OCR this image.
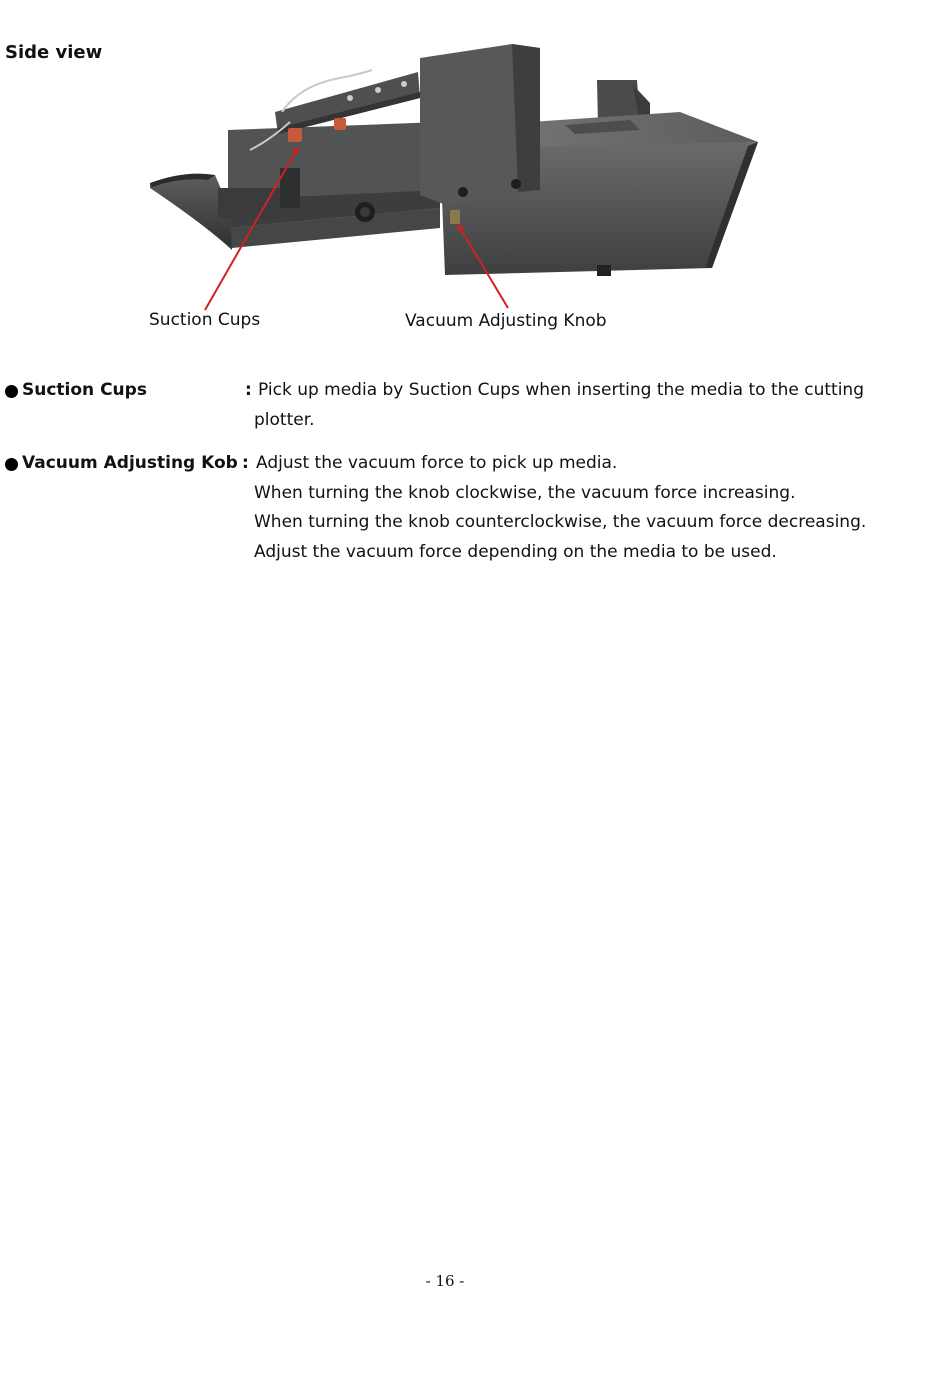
Side view
Suction Cups	Vacuum Adjusting Knob
Suction Cups	: Pick up media by Suction Cups when inserting the media to the cutting
plotter.
Vacuum Adjusting Kob : Adjust the vacuum force to pick up media.
When turning the knob clockwise, the vacuum force increasing.
When turning the knob counterclockwise, the vacuum force decreasing.
Adjust the vacuum force depending on the media to be used.
- 16 -
